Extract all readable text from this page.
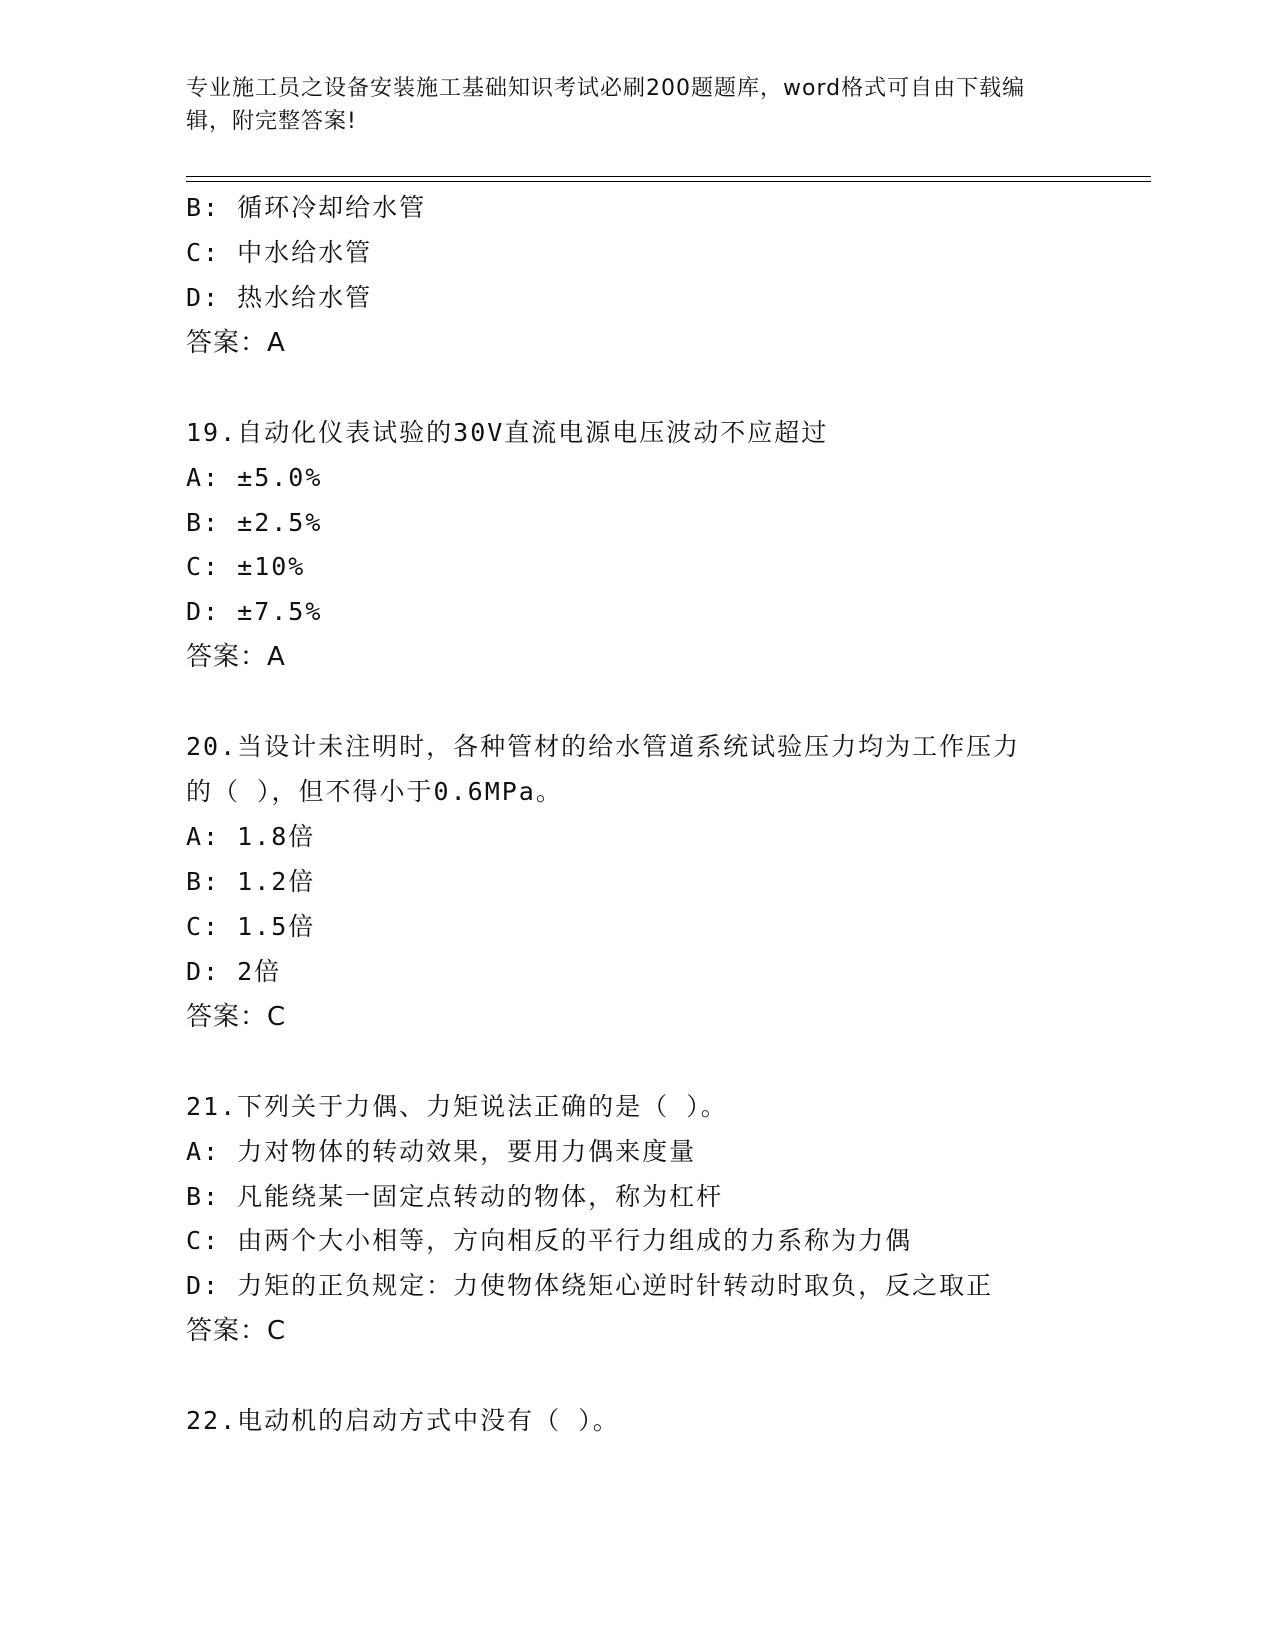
专业施工员之设备安装施工基础知识考试必刷200题题库，word格式可自由下载编辑，附完整答案!
B: 循环冷却给水管
C: 中水给水管
D: 热水给水管
答案：A
19.自动化仪表试验的30V直流电源电压波动不应超过
A: ±5.0%
B: ±2.5%
C: ±10%
D: ±7.5%
答案：A
20.当设计未注明时，各种管材的给水管道系统试验压力均为工作压力
的（ ），但不得小于0.6MPa。
A: 1.8倍
B: 1.2倍
C: 1.5倍
D: 2倍
答案：C
21.下列关于力偶、力矩说法正确的是（ ）。
A: 力对物体的转动效果，要用力偶来度量
B: 凡能绕某一固定点转动的物体，称为杠杆
C: 由两个大小相等，方向相反的平行力组成的力系称为力偶
D: 力矩的正负规定：力使物体绕矩心逆时针转动时取负，反之取正
答案：C
22.电动机的启动方式中没有（ ）。
